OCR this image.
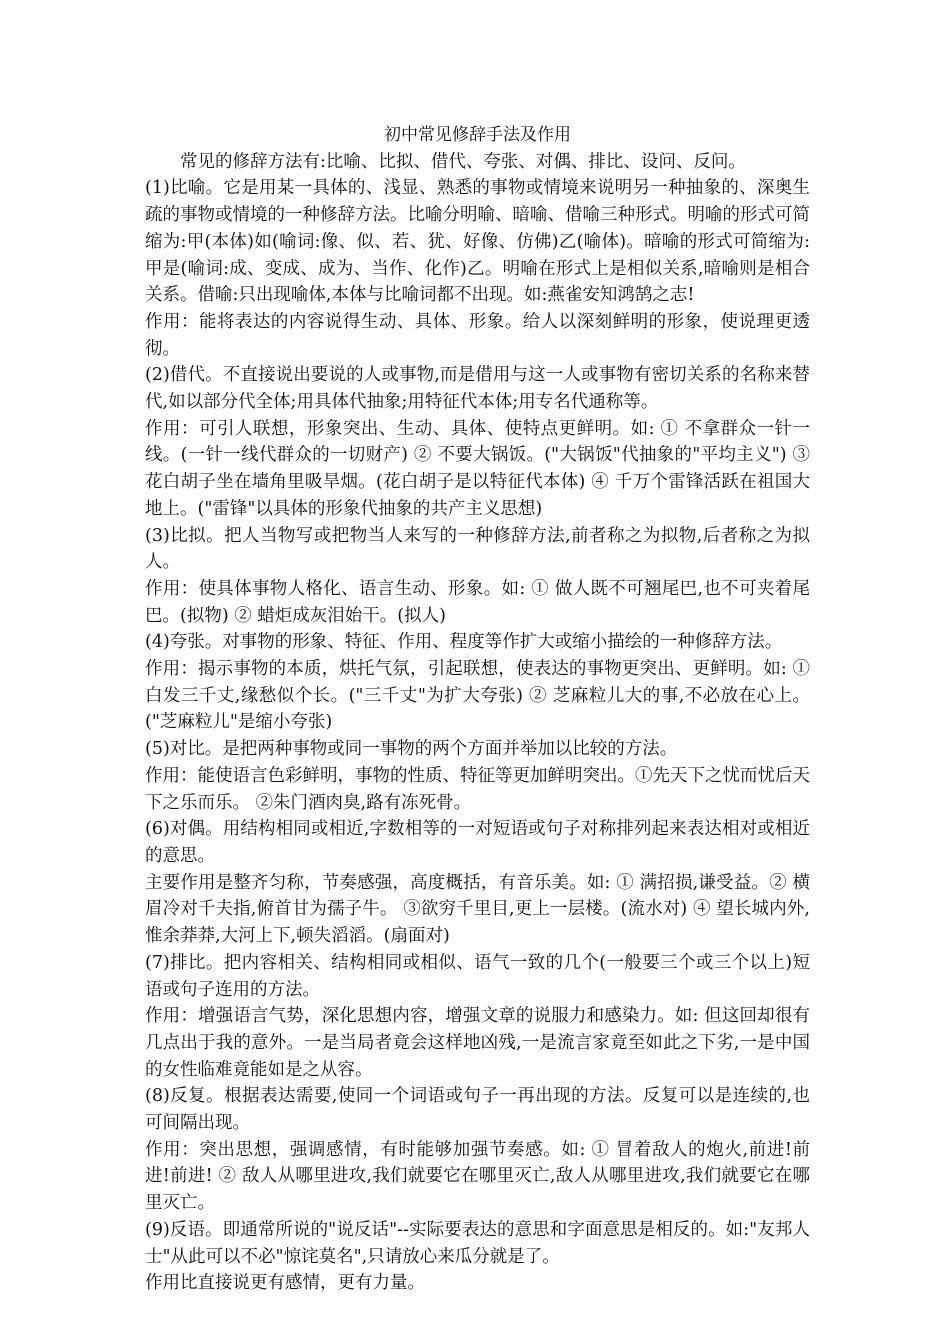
初中常见修辞手法及作用

常见的修辞方法有:比喻、比拟、借代、夸张、对偶、排比、设问、反问。

(1)比喻。它是用某一具体的、浅显、熟悉的事物或情境来说明另一种抽象的、深奥生疏的事物或情境的一种修辞方法。比喻分明喻、暗喻、借喻三种形式。明喻的形式可简缩为:甲(本体)如(喻词:像、似、若、犹、好像、仿佛)乙(喻体)。暗喻的形式可简缩为:甲是(喻词:成、变成、成为、当作、化作)乙。明喻在形式上是相似关系,暗喻则是相合关系。借喻:只出现喻体,本体与比喻词都不出现。如:燕雀安知鸿鹄之志!

作用：能将表达的内容说得生动、具体、形象。给人以深刻鲜明的形象，使说理更透彻。

(2)借代。不直接说出要说的人或事物,而是借用与这一人或事物有密切关系的名称来替代,如以部分代全体;用具体代抽象;用特征代本体;用专名代通称等。

作用：可引人联想，形象突出、生动、具体、使特点更鲜明。如: ① 不拿群众一针一线。(一针一线代群众的一切财产) ② 不要大锅饭。("大锅饭"代抽象的"平均主义") ③ 花白胡子坐在墙角里吸旱烟。(花白胡子是以特征代本体) ④ 千万个雷锋活跃在祖国大地上。("雷锋"以具体的形象代抽象的共产主义思想)

(3)比拟。把人当物写或把物当人来写的一种修辞方法,前者称之为拟物,后者称之为拟人。

作用：使具体事物人格化、语言生动、形象。如: ① 做人既不可翘尾巴,也不可夹着尾巴。(拟物) ② 蜡炬成灰泪始干。(拟人)

(4)夸张。对事物的形象、特征、作用、程度等作扩大或缩小描绘的一种修辞方法。

作用：揭示事物的本质，烘托气氛，引起联想，使表达的事物更突出、更鲜明。如: ① 白发三千丈,缘愁似个长。("三千丈"为扩大夸张) ② 芝麻粒儿大的事,不必放在心上。("芝麻粒儿"是缩小夸张)

(5)对比。是把两种事物或同一事物的两个方面并举加以比较的方法。

作用：能使语言色彩鲜明，事物的性质、特征等更加鲜明突出。①先天下之忧而忧后天下之乐而乐。 ②朱门酒肉臭,路有冻死骨。

(6)对偶。用结构相同或相近,字数相等的一对短语或句子对称排列起来表达相对或相近的意思。

主要作用是整齐匀称，节奏感强，高度概括，有音乐美。如: ① 满招损,谦受益。② 横眉冷对千夫指,俯首甘为孺子牛。 ③欲穷千里目,更上一层楼。(流水对) ④ 望长城内外,惟余莽莽,大河上下,顿失滔滔。(扇面对)

(7)排比。把内容相关、结构相同或相似、语气一致的几个(一般要三个或三个以上)短语或句子连用的方法。

作用：增强语言气势，深化思想内容，增强文章的说服力和感染力。如: 但这回却很有几点出于我的意外。一是当局者竟会这样地凶残,一是流言家竟至如此之下劣,一是中国的女性临难竟能如是之从容。

(8)反复。根据表达需要,使同一个词语或句子一再出现的方法。反复可以是连续的,也可间隔出现。

作用：突出思想，强调感情，有时能够加强节奏感。如: ① 冒着敌人的炮火,前进!前进!前进! ② 敌人从哪里进攻,我们就要它在哪里灭亡,敌人从哪里进攻,我们就要它在哪里灭亡。

(9)反语。即通常所说的"说反话"--实际要表达的意思和字面意思是相反的。如:"友邦人士"从此可以不必"惊诧莫名",只请放心来瓜分就是了。

作用比直接说更有感情，更有力量。
